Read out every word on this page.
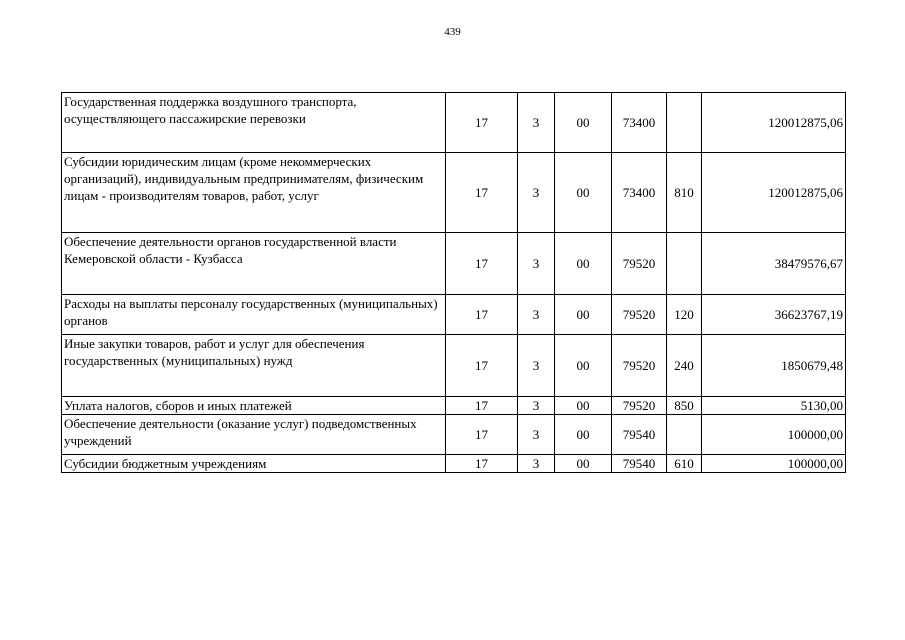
439
Государственная поддержка воздушного транспорта, осуществляющего пассажирские перевозки	17	3	00	73400		120012875,06
Субсидии юридическим лицам (кроме некоммерческих организаций), индивидуальным предпринимателям, физическим лицам - производителям товаров, работ, услуг	17	3	00	73400	810	120012875,06
Обеспечение деятельности органов государственной власти Кемеровской области - Кузбасса	17	3	00	79520		38479576,67
Расходы на выплаты персоналу государственных (муниципальных) органов	17	3	00	79520	120	36623767,19
Иные закупки товаров, работ и услуг для обеспечения государственных (муниципальных) нужд	17	3	00	79520	240	1850679,48
Уплата налогов, сборов и иных платежей	17	3	00	79520	850	5130,00
Обеспечение деятельности (оказание услуг) подведомственных учреждений	17	3	00	79540		100000,00
Субсидии бюджетным учреждениям	17	3	00	79540	610	100000,00
